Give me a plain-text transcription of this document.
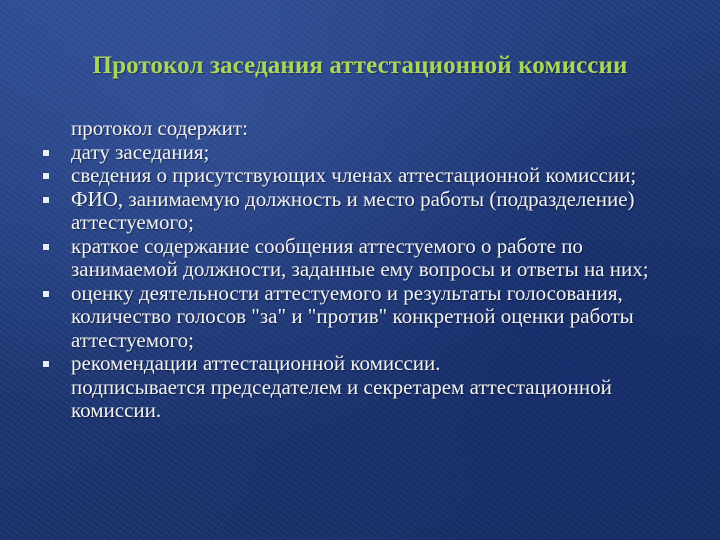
Протокол заседания аттестационной комиссии
протокол содержит:
дату заседания;
сведения о присутствующих членах аттестационной комиссии;
ФИО, занимаемую должность и место работы (подразделение) аттестуемого;
краткое содержание сообщения аттестуемого о работе по занимаемой должности, заданные ему вопросы и ответы на них;
оценку деятельности аттестуемого и результаты голосования, количество голосов "за" и "против" конкретной оценки работы аттестуемого;
рекомендации аттестационной комиссии.
подписывается председателем и секретарем аттестационной комиссии.
